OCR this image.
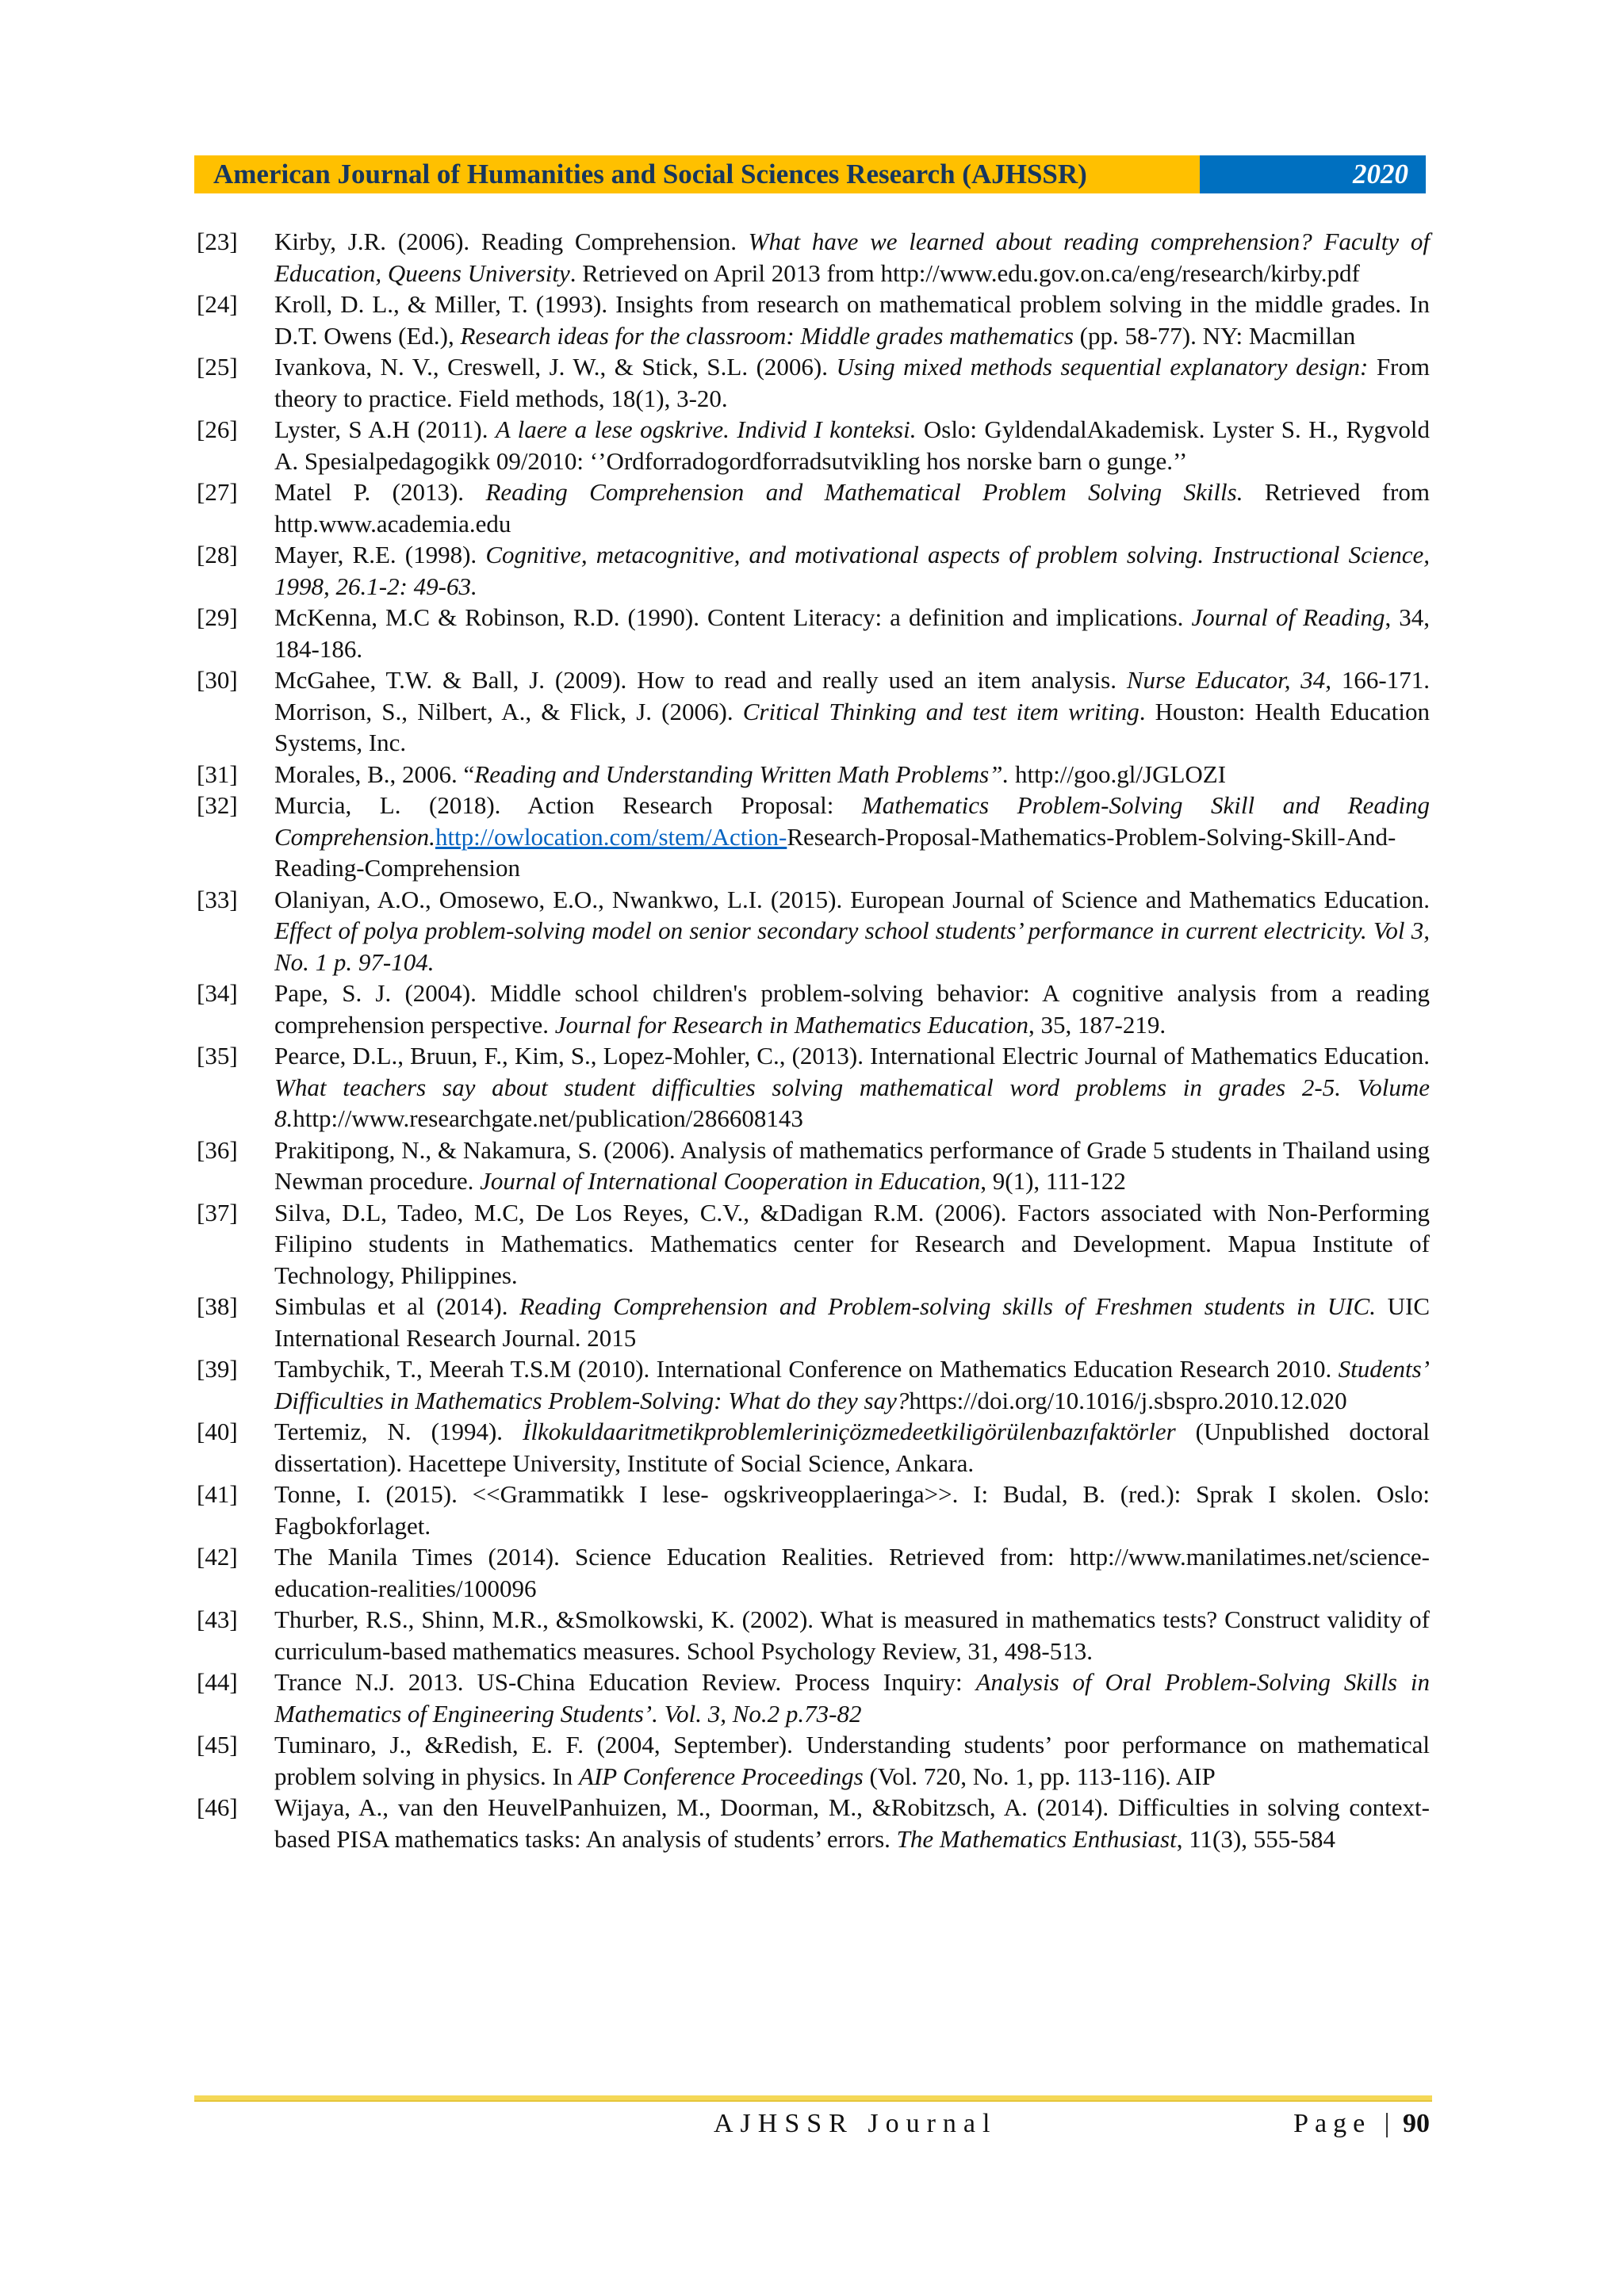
American Journal of Humanities and Social Sciences Research (AJHSSR)	2020
[23]	Kirby, J.R. (2006). Reading Comprehension. What have we learned about reading comprehension? Faculty of Education, Queens University. Retrieved on April 2013 from http://www.edu.gov.on.ca/eng/research/kirby.pdf
[24]	Kroll, D. L., & Miller, T. (1993). Insights from research on mathematical problem solving in the middle grades. In D.T. Owens (Ed.), Research ideas for the classroom: Middle grades mathematics (pp. 58-77). NY: Macmillan
[25]	Ivankova, N. V., Creswell, J. W., & Stick, S.L. (2006). Using mixed methods sequential explanatory design: From theory to practice. Field methods, 18(1), 3-20.
[26]	Lyster, S A.H (2011). A laere a lese ogskrive. Individ I konteksi. Oslo: GyldendalAkademisk. Lyster S. H., Rygvold A. Spesialpedagogikk 09/2010: ‘’Ordforradogordforradsutvikling hos norske barn o gunge.’’
[27]	Matel P. (2013). Reading Comprehension and Mathematical Problem Solving Skills. Retrieved from http.www.academia.edu
[28]	Mayer, R.E. (1998). Cognitive, metacognitive, and motivational aspects of problem solving. Instructional Science, 1998, 26.1-2: 49-63.
[29]	McKenna, M.C & Robinson, R.D. (1990). Content Literacy: a definition and implications. Journal of Reading, 34, 184-186.
[30]	McGahee, T.W. & Ball, J. (2009). How to read and really used an item analysis. Nurse Educator, 34, 166-171. Morrison, S., Nilbert, A., & Flick, J. (2006). Critical Thinking and test item writing. Houston: Health Education Systems, Inc.
[31]	Morales, B., 2006. “Reading and Understanding Written Math Problems”. http://goo.gl/JGLOZI
[32]	Murcia, L. (2018). Action Research Proposal: Mathematics Problem-Solving Skill and Reading Comprehension.http://owlocation.com/stem/Action-Research-Proposal-Mathematics-Problem-Solving-Skill-And-Reading-Comprehension
[33]	Olaniyan, A.O., Omosewo, E.O., Nwankwo, L.I. (2015). European Journal of Science and Mathematics Education. Effect of polya problem-solving model on senior secondary school students’ performance in current electricity. Vol 3, No. 1 p. 97-104.
[34]	Pape, S. J. (2004). Middle school children's problem-solving behavior: A cognitive analysis from a reading comprehension perspective. Journal for Research in Mathematics Education, 35, 187-219.
[35]	Pearce, D.L., Bruun, F., Kim, S., Lopez-Mohler, C., (2013). International Electric Journal of Mathematics Education. What teachers say about student difficulties solving mathematical word problems in grades 2-5. Volume 8.http://www.researchgate.net/publication/286608143
[36]	Prakitipong, N., & Nakamura, S. (2006). Analysis of mathematics performance of Grade 5 students in Thailand using Newman procedure. Journal of International Cooperation in Education, 9(1), 111-122
[37]	Silva, D.L, Tadeo, M.C, De Los Reyes, C.V., &Dadigan R.M. (2006). Factors associated with Non-Performing Filipino students in Mathematics. Mathematics center for Research and Development. Mapua Institute of Technology, Philippines.
[38]	Simbulas et al (2014). Reading Comprehension and Problem-solving skills of Freshmen students in UIC. UIC International Research Journal. 2015
[39]	Tambychik, T., Meerah T.S.M (2010). International Conference on Mathematics Education Research 2010. Students’ Difficulties in Mathematics Problem-Solving: What do they say?https://doi.org/10.1016/j.sbspro.2010.12.020
[40]	Tertemiz, N. (1994). İlkokuldaaritmetikproblemleriniçözmedeetkiligörülenbazıfaktörler (Unpublished doctoral dissertation). Hacettepe University, Institute of Social Science, Ankara.
[41]	Tonne, I. (2015). <<Grammatikk I lese- ogskriveopplaeringa>>. I: Budal, B. (red.): Sprak I skolen. Oslo: Fagbokforlaget.
[42]	The Manila Times (2014). Science Education Realities. Retrieved from: http://www.manilatimes.net/science-education-realities/100096
[43]	Thurber, R.S., Shinn, M.R., &Smolkowski, K. (2002). What is measured in mathematics tests? Construct validity of curriculum-based mathematics measures. School Psychology Review, 31, 498-513.
[44]	Trance N.J. 2013. US-China Education Review. Process Inquiry: Analysis of Oral Problem-Solving Skills in Mathematics of Engineering Students’. Vol. 3, No.2 p.73-82
[45]	Tuminaro, J., &Redish, E. F. (2004, September). Understanding students’ poor performance on mathematical problem solving in physics. In AIP Conference Proceedings (Vol. 720, No. 1, pp. 113-116). AIP
[46]	Wijaya, A., van den HeuvelPanhuizen, M., Doorman, M., &Robitzsch, A. (2014). Difficulties in solving context-based PISA mathematics tasks: An analysis of students’ errors. The Mathematics Enthusiast, 11(3), 555-584
AJHSSR Journal	Page | 90
